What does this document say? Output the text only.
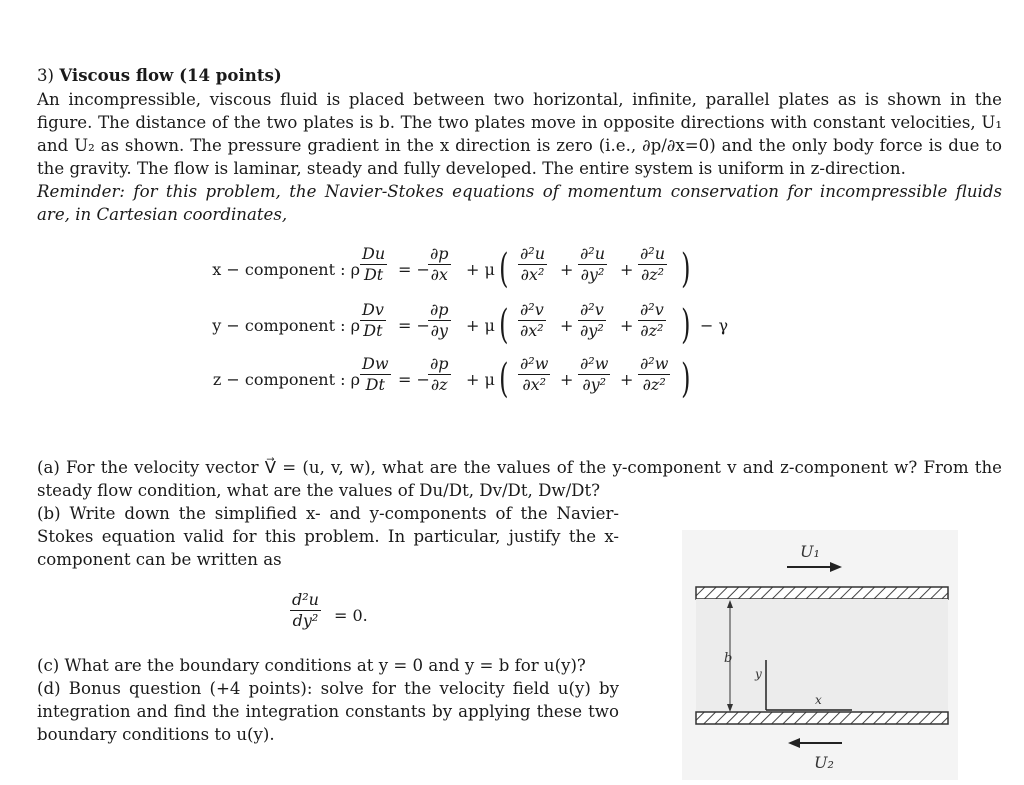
3) Viscous flow (14 points)

An incompressible, viscous fluid is placed between two horizontal, infinite, parallel plates as is shown in the figure. The distance of the two plates is b. The two plates move in opposite directions with constant velocities, U₁ and U₂ as shown. The pressure gradient in the x direction is zero (i.e., ∂p/∂x=0) and the only body force is due to the gravity. The flow is laminar, steady and fully developed. The entire system is uniform in z-direction.

Reminder: for this problem, the Navier-Stokes equations of momentum conservation for incompressible fluids are, in Cartesian coordinates,

x − component : ρ $\frac{Du}{Dt}$ = −
$\frac{\partial p}{\partial x} + \mu$ ( $\frac{\text{∂²u}}{\text{∂x²}} + \frac{\text{∂²u}}{\text{∂y²}} + \frac{\text{∂²u}}{\text{∂z²}}$ )
y − component : ρ $\frac{Dv}{Dt}$ = −
$\frac{\partial p}{\partial y} + \mu$ ( $\frac{\text{∂²v}}{\text{∂x²}} + \frac{\text{∂²v}}{\text{∂y²}} + \frac{\text{∂²v}}{\text{∂z²}}$ ) − γ
z − component : ρ $\frac{Dw}{Dt}$ = −
$\frac{\partial p}{\partial z} + \mu$ ( $\frac{\text{∂²w}}{\text{∂x²}} + \frac{\text{∂²w}}{\text{∂y²}} + \frac{\text{∂²w}}{\text{∂z²}}$ )

(a) For the velocity vector V⃗ = (u, v, w), what are the values of the y-component v and z-component w? From the steady flow condition, what are the values of Du/Dt, Dv/Dt, Dw/Dt?

(b) Write down the simplified x- and y-components of the Navier-Stokes equation valid for this problem. In particular, justify the x-component can be written as

$\frac{\text{d²u}}{\text{dy²}} = 0$.

(c) What are the boundary conditions at y = 0 and y = b for u(y)?

(d) Bonus question (+4 points): solve for the velocity field u(y) by integration and find the integration constants by applying these two boundary conditions to u(y).

U₁
b
y
x
U₂
